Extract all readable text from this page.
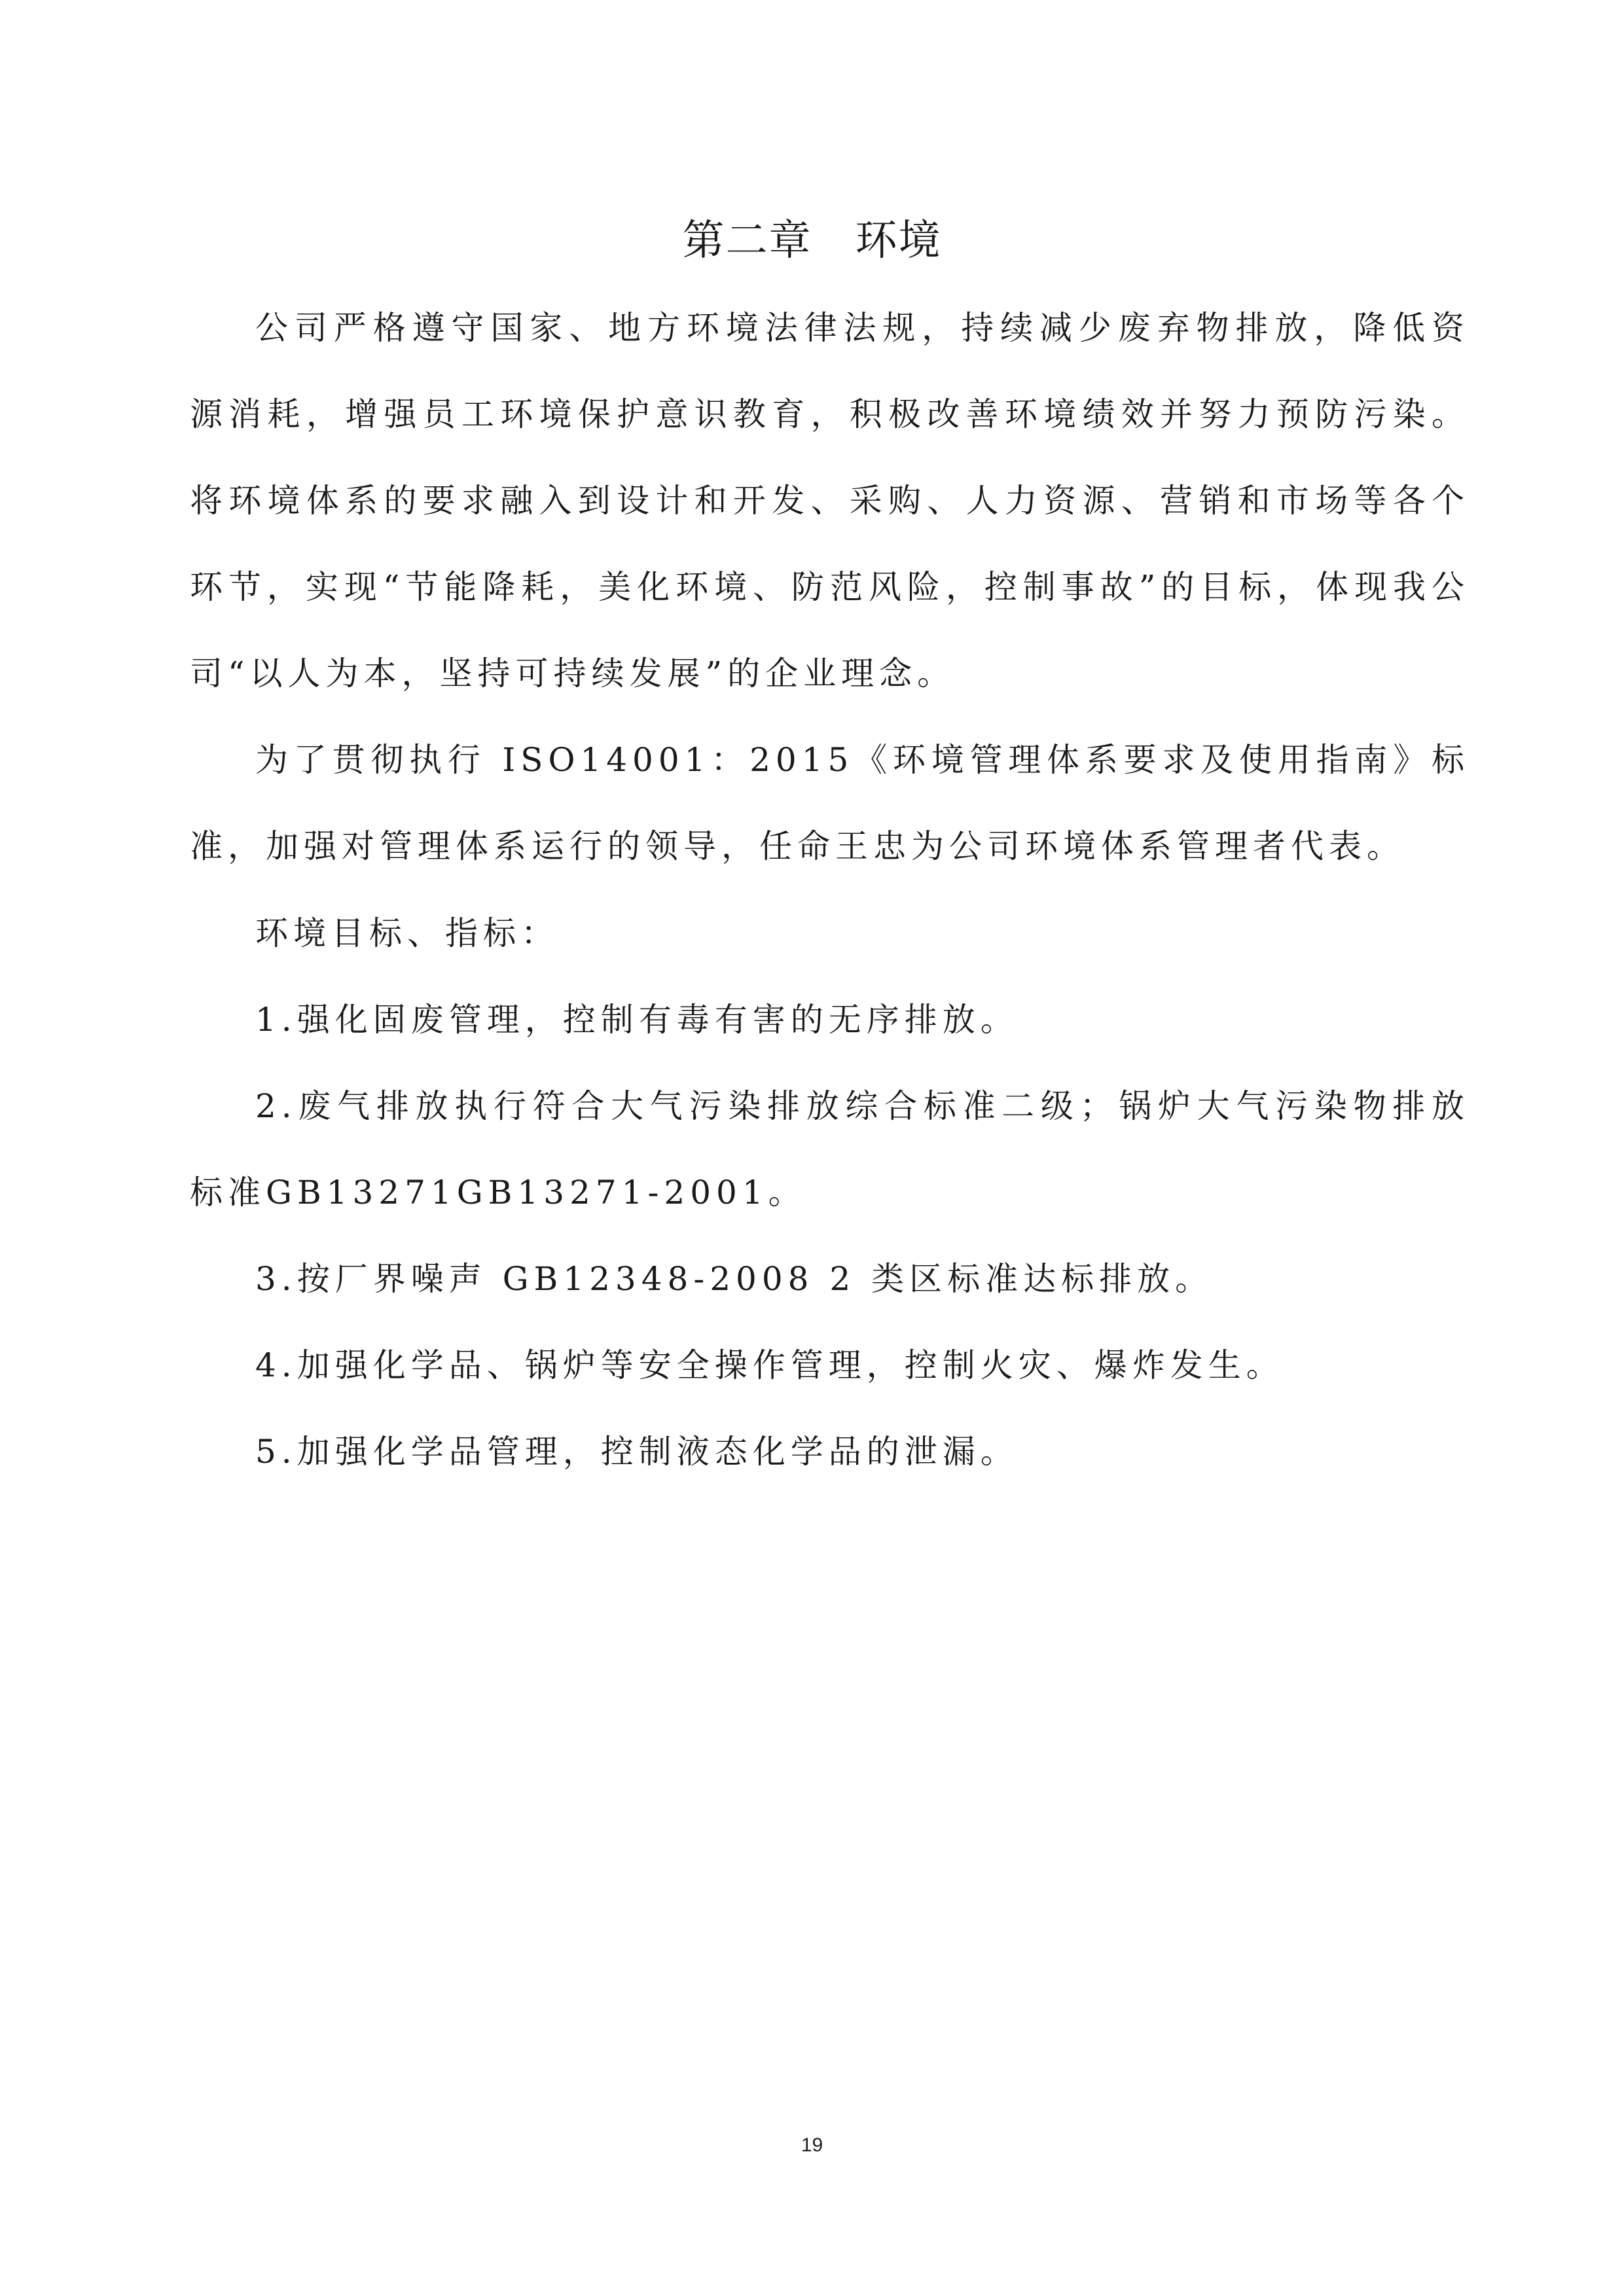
第二章　环境

公司严格遵守国家、地方环境法律法规，持续减少废弃物排放，降低资源消耗，增强员工环境保护意识教育，积极改善环境绩效并努力预防污染。将环境体系的要求融入到设计和开发、采购、人力资源、营销和市场等各个环节，实现“节能降耗，美化环境、防范风险，控制事故”的目标，体现我公司“以人为本，坚持可持续发展”的企业理念。

为了贯彻执行 ISO14001：2015《环境管理体系要求及使用指南》标准，加强对管理体系运行的领导，任命王忠为公司环境体系管理者代表。

环境目标、指标：

1.强化固废管理，控制有毒有害的无序排放。

2.废气排放执行符合大气污染排放综合标准二级；锅炉大气污染物排放标准GB13271GB13271-2001。

3.按厂界噪声 GB12348-2008 2 类区标准达标排放。

4.加强化学品、锅炉等安全操作管理，控制火灾、爆炸发生。

5.加强化学品管理，控制液态化学品的泄漏。

19
